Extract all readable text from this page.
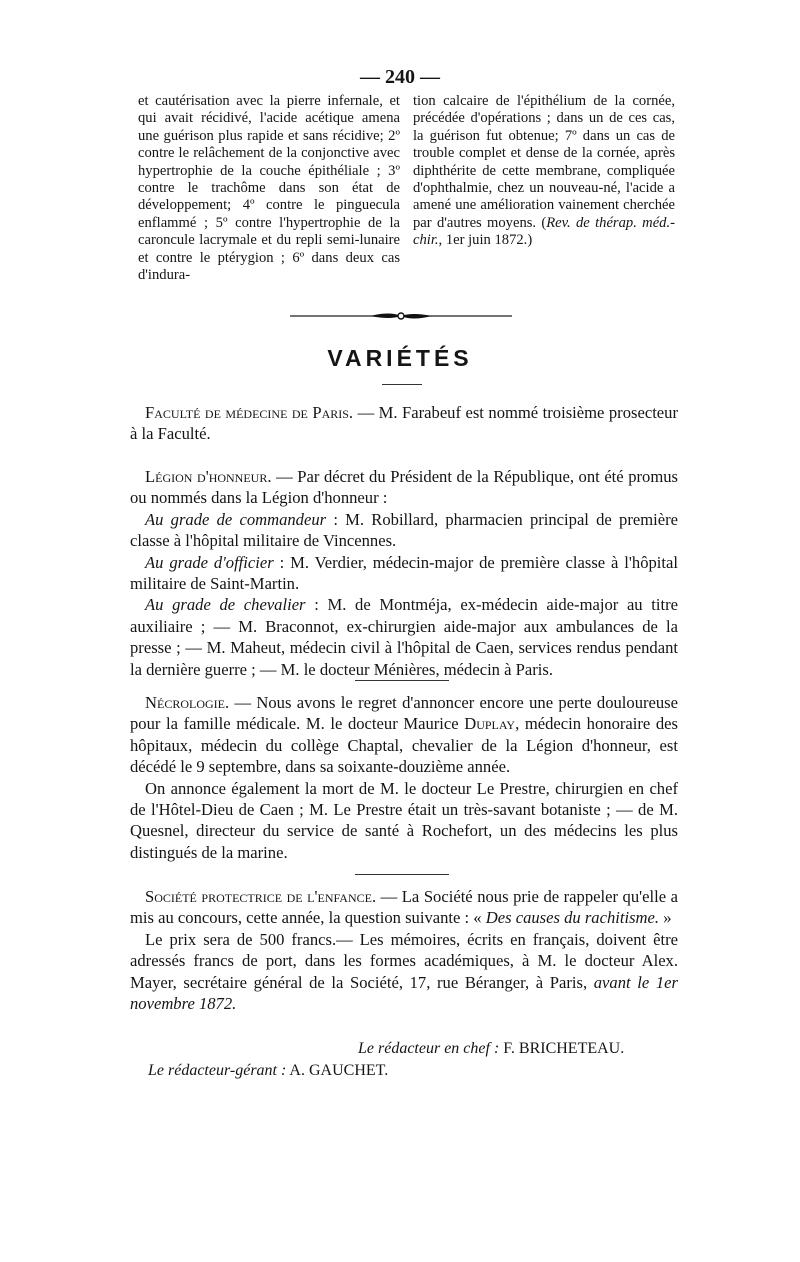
— 240 —

et cautérisation avec la pierre infernale, et qui avait récidivé, l'acide acétique amena une guérison plus rapide et sans récidive; 2º contre le relâchement de la conjonctive avec hypertrophie de la couche épithéliale ; 3º contre le trachôme dans son état de développement; 4º contre le pinguecula enflammé ; 5º contre l'hypertrophie de la caroncule lacrymale et du repli semi-lunaire et contre le ptérygion ; 6º dans deux cas d'indura-

tion calcaire de l'épithélium de la cornée, précédée d'opérations ; dans un de ces cas, la guérison fut obtenue; 7º dans un cas de trouble complet et dense de la cornée, après diphthérite de cette membrane, compliquée d'ophthalmie, chez un nouveau-né, l'acide a amené une amélioration vainement cherchée par d'autres moyens. (Rev. de thérap. méd.-chir., 1er juin 1872.)

VARIÉTÉS

Faculté de médecine de Paris. — M. Farabeuf est nommé troisième prosecteur à la Faculté.

Légion d'honneur. — Par décret du Président de la République, ont été promus ou nommés dans la Légion d'honneur :

Au grade de commandeur : M. Robillard, pharmacien principal de première classe à l'hôpital militaire de Vincennes.

Au grade d'officier : M. Verdier, médecin-major de première classe à l'hôpital militaire de Saint-Martin.

Au grade de chevalier : M. de Montméja, ex-médecin aide-major au titre auxiliaire ; — M. Braconnot, ex-chirurgien aide-major aux ambulances de la presse ; — M. Maheut, médecin civil à l'hôpital de Caen, services rendus pendant la dernière guerre ; — M. le docteur Ménières, médecin à Paris.

Nécrologie. — Nous avons le regret d'annoncer encore une perte douloureuse pour la famille médicale. M. le docteur Maurice Duplay, médecin honoraire des hôpitaux, médecin du collège Chaptal, chevalier de la Légion d'honneur, est décédé le 9 septembre, dans sa soixante-douzième année.

On annonce également la mort de M. le docteur Le Prestre, chirurgien en chef de l'Hôtel-Dieu de Caen ; M. Le Prestre était un très-savant botaniste ; — de M. Quesnel, directeur du service de santé à Rochefort, un des médecins les plus distingués de la marine.

Société protectrice de l'enfance. — La Société nous prie de rappeler qu'elle a mis au concours, cette année, la question suivante : « Des causes du rachitisme. »

Le prix sera de 500 francs.— Les mémoires, écrits en français, doivent être adressés francs de port, dans les formes académiques, à M. le docteur Alex. Mayer, secrétaire général de la Société, 17, rue Béranger, à Paris, avant le 1er novembre 1872.

Le rédacteur en chef : F. BRICHETEAU.
Le rédacteur-gérant : A. GAUCHET.
